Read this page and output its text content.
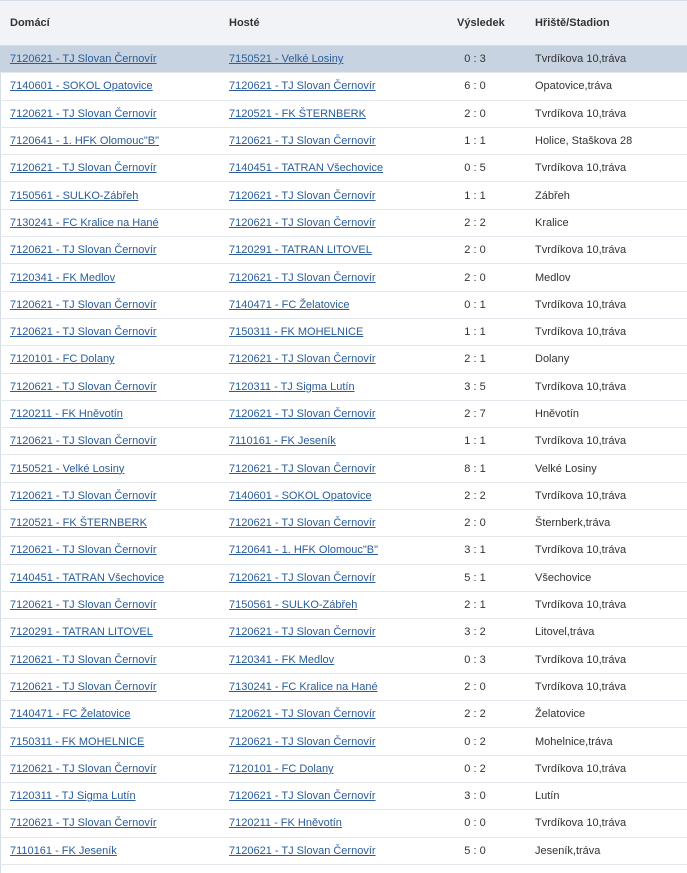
Domácí	Hosté	Výsledek	Hřiště/Stadion
7120621 - TJ Slovan Černovír	7150521 - Velké Losiny	0 : 3	Tvrdíkova 10,tráva
7140601 - SOKOL Opatovice	7120621 - TJ Slovan Černovír	6 : 0	Opatovice,tráva
7120621 - TJ Slovan Černovír	7120521 - FK ŠTERNBERK	2 : 0	Tvrdíkova 10,tráva
7120641 - 1. HFK Olomouc"B"	7120621 - TJ Slovan Černovír	1 : 1	Holice, Staškova 28
7120621 - TJ Slovan Černovír	7140451 - TATRAN Všechovice	0 : 5	Tvrdíkova 10,tráva
7150561 - SULKO-Zábřeh	7120621 - TJ Slovan Černovír	1 : 1	Zábřeh
7130241 - FC Kralice na Hané	7120621 - TJ Slovan Černovír	2 : 2	Kralice
7120621 - TJ Slovan Černovír	7120291 - TATRAN LITOVEL	2 : 0	Tvrdíkova 10,tráva
7120341 - FK Medlov	7120621 - TJ Slovan Černovír	2 : 0	Medlov
7120621 - TJ Slovan Černovír	7140471 - FC Želatovice	0 : 1	Tvrdíkova 10,tráva
7120621 - TJ Slovan Černovír	7150311 - FK MOHELNICE	1 : 1	Tvrdíkova 10,tráva
7120101 - FC Dolany	7120621 - TJ Slovan Černovír	2 : 1	Dolany
7120621 - TJ Slovan Černovír	7120311 - TJ Sigma Lutín	3 : 5	Tvrdíkova 10,tráva
7120211 - FK Hněvotín	7120621 - TJ Slovan Černovír	2 : 7	Hněvotín
7120621 - TJ Slovan Černovír	7110161 - FK Jeseník	1 : 1	Tvrdíkova 10,tráva
7150521 - Velké Losiny	7120621 - TJ Slovan Černovír	8 : 1	Velké Losiny
7120621 - TJ Slovan Černovír	7140601 - SOKOL Opatovice	2 : 2	Tvrdíkova 10,tráva
7120521 - FK ŠTERNBERK	7120621 - TJ Slovan Černovír	2 : 0	Šternberk,tráva
7120621 - TJ Slovan Černovír	7120641 - 1. HFK Olomouc"B"	3 : 1	Tvrdíkova 10,tráva
7140451 - TATRAN Všechovice	7120621 - TJ Slovan Černovír	5 : 1	Všechovice
7120621 - TJ Slovan Černovír	7150561 - SULKO-Zábřeh	2 : 1	Tvrdíkova 10,tráva
7120291 - TATRAN LITOVEL	7120621 - TJ Slovan Černovír	3 : 2	Litovel,tráva
7120621 - TJ Slovan Černovír	7120341 - FK Medlov	0 : 3	Tvrdíkova 10,tráva
7120621 - TJ Slovan Černovír	7130241 - FC Kralice na Hané	2 : 0	Tvrdíkova 10,tráva
7140471 - FC Želatovice	7120621 - TJ Slovan Černovír	2 : 2	Želatovice
7150311 - FK MOHELNICE	7120621 - TJ Slovan Černovír	0 : 2	Mohelnice,tráva
7120621 - TJ Slovan Černovír	7120101 - FC Dolany	0 : 2	Tvrdíkova 10,tráva
7120311 - TJ Sigma Lutín	7120621 - TJ Slovan Černovír	3 : 0	Lutín
7120621 - TJ Slovan Černovír	7120211 - FK Hněvotín	0 : 0	Tvrdíkova 10,tráva
7110161 - FK Jeseník	7120621 - TJ Slovan Černovír	5 : 0	Jeseník,tráva
